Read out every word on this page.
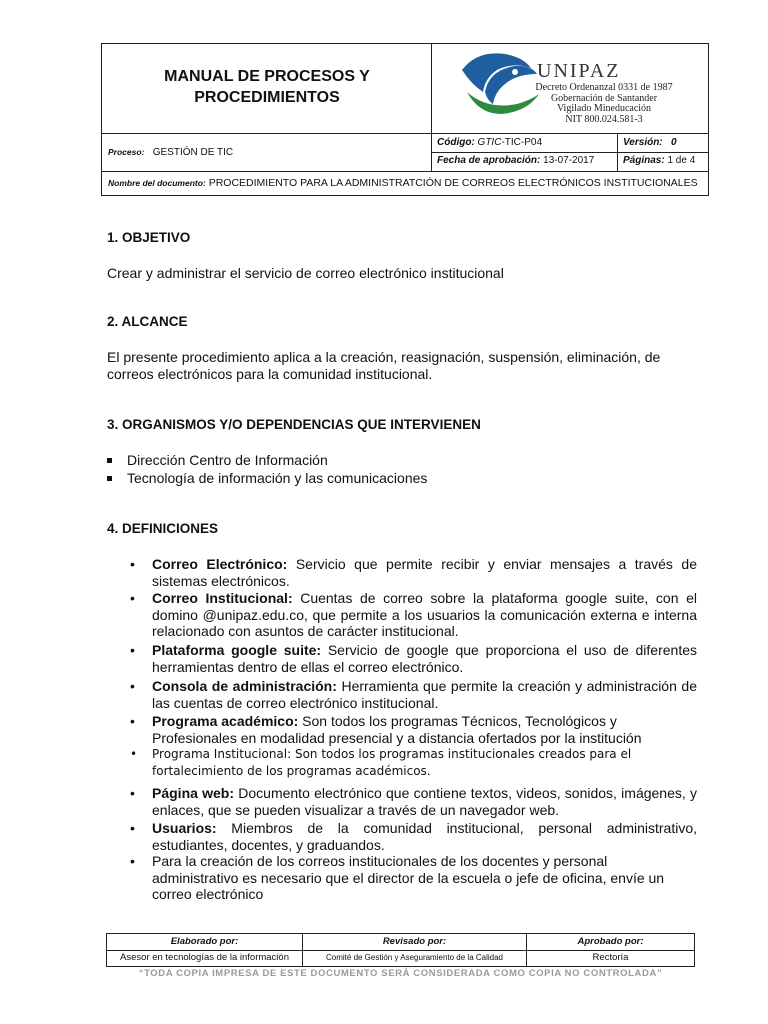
MANUAL DE PROCESOS Y
PROCEDIMIENTOS
UNIPAZ
Decreto Ordenanzal 0331 de 1987
Gobernación de Santander
Vigilado Mineducación
NIT 800.024.581-3
Proceso: GESTIÓN DE TIC
Código: GTIC-TIC-P04	Versión: 0
Fecha de aprobación: 13-07-2017	Páginas: 1 de 4
Nombre del documento: PROCEDIMIENTO PARA LA ADMINISTRATCIÓN DE CORREOS ELECTRÓNICOS INSTITUCIONALES
1. OBJETIVO
Crear y administrar el servicio de correo electrónico institucional
2. ALCANCE
El presente procedimiento aplica a la creación, reasignación, suspensión, eliminación, de
correos electrónicos para la comunidad institucional.
3. ORGANISMOS Y/O DEPENDENCIAS QUE INTERVIENEN
Dirección Centro de Información
Tecnología de información y las comunicaciones
4. DEFINICIONES
• Correo Electrónico: Servicio que permite recibir y enviar mensajes a través de sistemas electrónicos.
• Correo Institucional: Cuentas de correo sobre la plataforma google suite, con el domino @unipaz.edu.co, que permite a los usuarios la comunicación externa e interna relacionado con asuntos de carácter institucional.
• Plataforma google suite: Servicio de google que proporciona el uso de diferentes herramientas dentro de ellas el correo electrónico.
• Consola de administración: Herramienta que permite la creación y administración de las cuentas de correo electrónico institucional.
• Programa académico: Son todos los programas Técnicos, Tecnológicos y Profesionales en modalidad presencial y a distancia ofertados por la institución
• Programa Institucional: Son todos los programas institucionales creados para el fortalecimiento de los programas académicos.
• Página web: Documento electrónico que contiene textos, videos, sonidos, imágenes, y enlaces, que se pueden visualizar a través de un navegador web.
• Usuarios: Miembros de la comunidad institucional, personal administrativo, estudiantes, docentes, y graduandos.
• Para la creación de los correos institucionales de los docentes y personal administrativo es necesario que el director de la escuela o jefe de oficina, envíe un correo electrónico
Elaborado por:	Revisado por:	Aprobado por:
Asesor en tecnologías de la información	Comité de Gestión y Aseguramiento de la Calidad	Rectoría
“TODA COPIA IMPRESA DE ESTE DOCUMENTO SERÁ CONSIDERADA COMO COPIA NO CONTROLADA”
